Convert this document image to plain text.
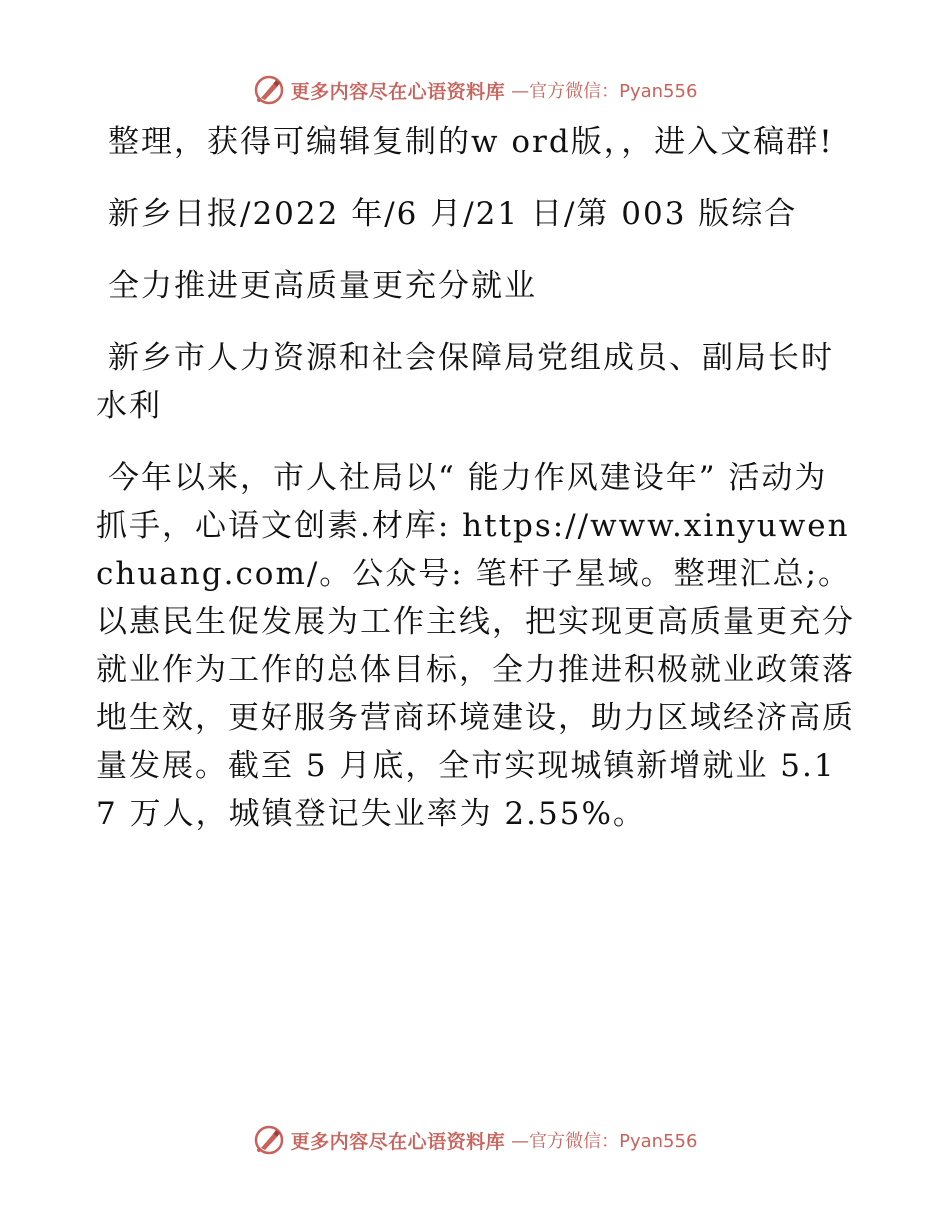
更多内容尽在心语资料库 —官方微信：Pyan556

整理，获得可编辑复制的w ord版，，进入文稿群!

新乡日报/2022 年/6 月/21 日/第 003 版综合

全力推进更高质量更充分就业

新乡市人力资源和社会保障局党组成员、副局长时水利

今年以来，市人社局以“ 能力作风建设年” 活动为抓手，心语文创素.材库: https://www.xinyuwenchuang.com/。公众号: 笔杆子星域。整理汇总;。以惠民生促发展为工作主线，把实现更高质量更充分就业作为工作的总体目标，全力推进积极就业政策落地生效，更好服务营商环境建设，助力区域经济高质量发展。截至 5 月底，全市实现城镇新增就业 5.17 万人，城镇登记失业率为 2.55%。

更多内容尽在心语资料库 —官方微信：Pyan556
